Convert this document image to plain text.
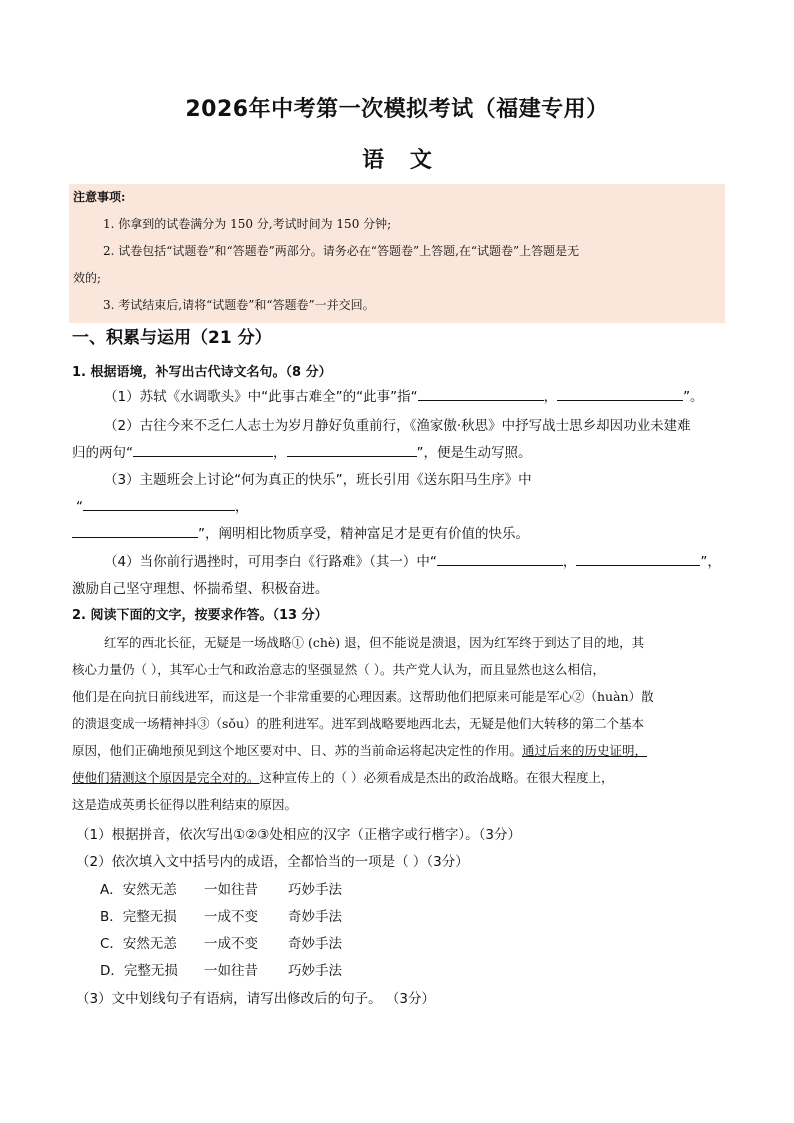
2026年中考第一次模拟考试（福建专用）
语 文
注意事项:
1. 你拿到的试卷满分为 150 分,考试时间为 150 分钟;
2. 试卷包括“试题卷”和“答题卷”两部分。请务必在“答题卷”上答题,在“试题卷”上答题是无
效的;
3. 考试结束后,请将“试题卷”和“答题卷”一并交回。
一、积累与运用（21 分）
1. 根据语境，补写出古代诗文名句。（8 分）
（1）苏轼《水调歌头》中“此事古难全”的“此事”指“	，	”。
（2）古往今来不乏仁人志士为岁月静好负重前行，《渔家傲·秋思》中抒写战士思乡却因功业未建难
归的两句“	，	”，便是生动写照。
（3）主题班会上讨论“何为真正的快乐”，班长引用《送东阳马生序》中
“	，
”，阐明相比物质享受，精神富足才是更有价值的快乐。
（4）当你前行遇挫时，可用李白《行路难》（其一）中“	，	”，
激励自己坚守理想、怀揣希望、积极奋进。
2. 阅读下面的文字，按要求作答。（13 分）
红军的西北长征，无疑是一场战略① (chè) 退，但不能说是溃退，因为红军终于到达了目的地，其
核心力量仍（ ），其军心士气和政治意志的坚强显然（ ）。共产党人认为，而且显然也这么相信，
他们是在向抗日前线进军，而这是一个非常重要的心理因素。这帮助他们把原来可能是军心②（huàn）散
的溃退变成一场精神抖③（sǒu）的胜利进军。进军到战略要地西北去，无疑是他们大转移的第二个基本
原因，他们正确地预见到这个地区要对中、日、苏的当前命运将起决定性的作用。通过后来的历史证明，
使他们猜测这个原因是完全对的。这种宣传上的（ ）必须看成是杰出的政治战略。在很大程度上，
这是造成英勇长征得以胜利结束的原因。
（1）根据拼音，依次写出①②③处相应的汉字（正楷字或行楷字）。（3分）
（2）依次填入文中括号内的成语，全都恰当的一项是（ ）（3分）
A．安然无恙 一如往昔 巧妙手法
B．完整无损 一成不变 奇妙手法
C．安然无恙 一成不变 奇妙手法
D．完整无损 一如往昔 巧妙手法
（3）文中划线句子有语病，请写出修改后的句子。 （3分）
